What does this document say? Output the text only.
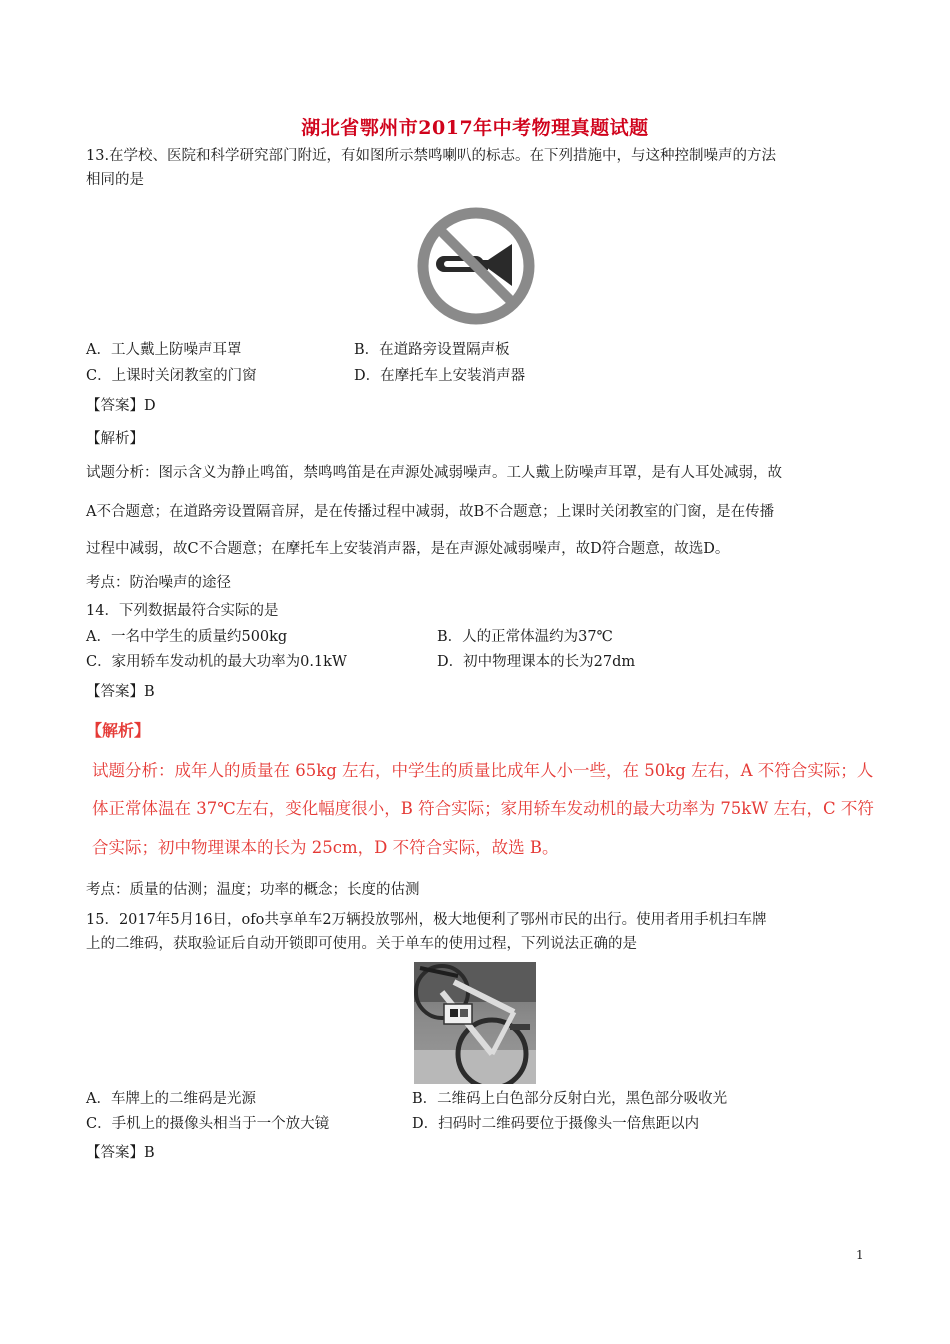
湖北省鄂州市2017年中考物理真题试题
13.在学校、医院和科学研究部门附近，有如图所示禁鸣喇叭的标志。在下列措施中，与这种控制噪声的方法
相同的是
A．工人戴上防噪声耳罩	B．在道路旁设置隔声板
C．上课时关闭教室的门窗	D．在摩托车上安装消声器
【答案】D
【解析】
试题分析：图示含义为静止鸣笛，禁鸣鸣笛是在声源处减弱噪声。工人戴上防噪声耳罩，是有人耳处减弱，故
A不合题意；在道路旁设置隔音屏，是在传播过程中减弱，故B不合题意；上课时关闭教室的门窗，是在传播
过程中减弱，故C不合题意；在摩托车上安装消声器，是在声源处减弱噪声，故D符合题意，故选D。
考点：防治噪声的途径
14．下列数据最符合实际的是
A．一名中学生的质量约500kg	B．人的正常体温约为37℃
C．家用轿车发动机的最大功率为0.1kW	D．初中物理课本的长为27dm
【答案】B
【解析】
试题分析：成年人的质量在 65kg 左右，中学生的质量比成年人小一些，在 50kg 左右，A 不符合实际；人
体正常体温在 37℃左右，变化幅度很小，B 符合实际；家用轿车发动机的最大功率为 75kW 左右，C 不符
合实际；初中物理课本的长为 25cm，D 不符合实际，故选 B。
考点：质量的估测；温度；功率的概念；长度的估测
15．2017年5月16日，ofo共享单车2万辆投放鄂州，极大地便利了鄂州市民的出行。使用者用手机扫车牌
上的二维码，获取验证后自动开锁即可使用。关于单车的使用过程，下列说法正确的是
A．车牌上的二维码是光源	B．二维码上白色部分反射白光，黑色部分吸收光
C．手机上的摄像头相当于一个放大镜	D．扫码时二维码要位于摄像头一倍焦距以内
【答案】B
1
